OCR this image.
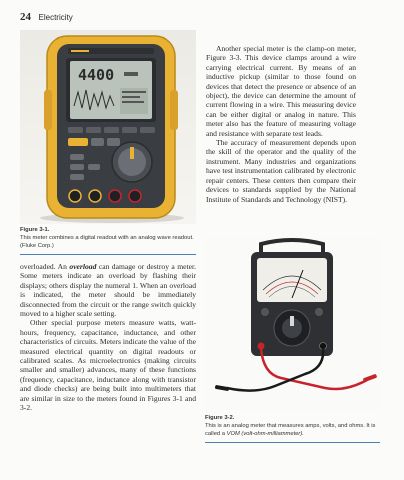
24 Electricity
4400
Figure 3-1.
This meter combines a digital readout with an analog wave readout. (Fluke Corp.)

Another special meter is the clamp-on meter, Figure 3-3. This device clamps around a wire carrying electrical current. By means of an inductive pickup (similar to those found on devices that detect the presence or absence of an object), the device can determine the amount of current flowing in a wire. This measuring device can be either digital or analog in nature. This meter also has the feature of measuring voltage and resistance with separate test leads.

The accuracy of measurement depends upon the skill of the operator and the quality of the instrument. Many industries and organizations have test instrumentation calibrated by electronic repair centers. These centers then compare their devices to standards supplied by the National Institute of Standards and Technology (NIST).

overloaded. An overload can damage or destroy a meter. Some meters indicate an overload by flashing their displays; others display the numeral 1. When an overload is indicated, the meter should be immediately disconnected from the circuit or the range switch quickly moved to a higher scale setting.

Other special purpose meters measure watts, watt-hours, frequency, capacitance, inductance, and other characteristics of circuits. Meters indicate the value of the measured electrical quantity on digital readouts or calibrated scales. As microelectronics (making circuits smaller and smaller) advances, many of these functions (frequency, capacitance, inductance along with transistor and diode checks) are being built into multimeters that are similar in size to the meters found in Figures 3-1 and 3-2.

Figure 3-2.
This is an analog meter that measures amps, volts, and ohms. It is called a VOM (volt-ohm-milliammeter).
